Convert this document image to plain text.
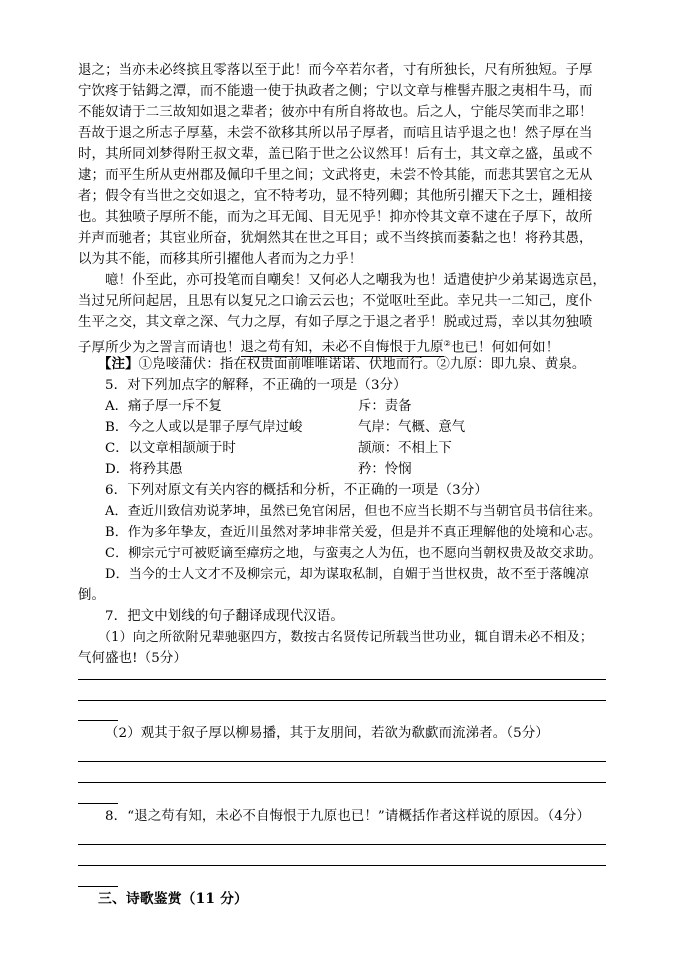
退之；当亦未必终摈且零落以至于此！而今卒若尔者，寸有所独长，尺有所独短。子厚
宁饮疼于钴鉧之潭，而不能遗一使于执政者之侧；宁以文章与椎髻卉服之夷相牛马，而
不能奴请于二三故知如退之辈者；彼亦中有所自将故也。后之人，宁能尽笑而非之耶！
吾故于退之所志子厚墓，未尝不欲移其所以吊子厚者，而唁且诘乎退之也！然子厚在当
时，其所同刘梦得附王叔文辈，盖已陷于世之公议然耳！后有士，其文章之盛，虽或不
逮；而平生所从吏州郡及佩印千里之间；文武将吏，未尝不怜其能，而悲其罢官之无从
者；假令有当世之交如退之，宜不特考功，显不特列卿；其他所引擢天下之士，踵相接
也。其独喷子厚所不能，而为之耳无闻、目无见乎！抑亦怜其文章不逮在子厚下，故所
并声而驰者；其宦业所奋，犹炯然其在世之耳目；或不当终摈而萎黏之也！将矜其愚，
以为其不能，而移其所引擢他人者而为之力乎！
噫！仆至此，亦可投笔而自嘲矣！又何必人之嘲我为也！适遣使护少弟某谒选京邑，
当过兄所问起居，且思有以复兄之口谕云云也；不觉呕吐至此。幸兄共一二知己，度仆
生平之交，其文章之深、气力之厚，有如子厚之于退之者乎！脱或过焉，幸以其勿独喷
子厚所少为之詈言而请也！退之苟有知，未必不自悔恨于九原②也已！何如何如！
【注】①凫唼蒲伏：指在权贵面前唯唯诺诺、伏地而行。②九原：即九泉、黄泉。
5．对下列加点字的解释，不正确的一项是（3分）
A．痛子厚一斥不复	斥：责备
B．今之人或以是罪子厚气岸过峻	气岸：气概、意气
C．以文章相颉颃于时	颉颃：不相上下
D．将矜其愚	矜：怜悯
6．下列对原文有关内容的概括和分析，不正确的一项是（3分）
A．查近川致信劝说茅坤，虽然已免官闲居，但也不应当长期不与当朝官员书信往来。
B．作为多年挚友，查近川虽然对茅坤非常关爱，但是并不真正理解他的处境和心志。
C．柳宗元宁可被贬谪至瘴疠之地，与蛮夷之人为伍，也不愿向当朝权贵及故交求助。
D．当今的士人文才不及柳宗元，却为谋取私制，自媚于当世权贵，故不至于落魄凉
倒。
7．把文中划线的句子翻译成现代汉语。
（1）向之所欲附兄辈驰驱四方，数按古名贤传记所载当世功业，辄自谓未必不相及；
气何盛也!（5分）
（2）观其于叙子厚以柳易播，其于友朋间，若欲为欷歔而流涕者。（5分）
8．“退之苟有知，未必不自悔恨于九原也已！”请概括作者这样说的原因。（4分）
三、诗歌鉴赏（11 分）
